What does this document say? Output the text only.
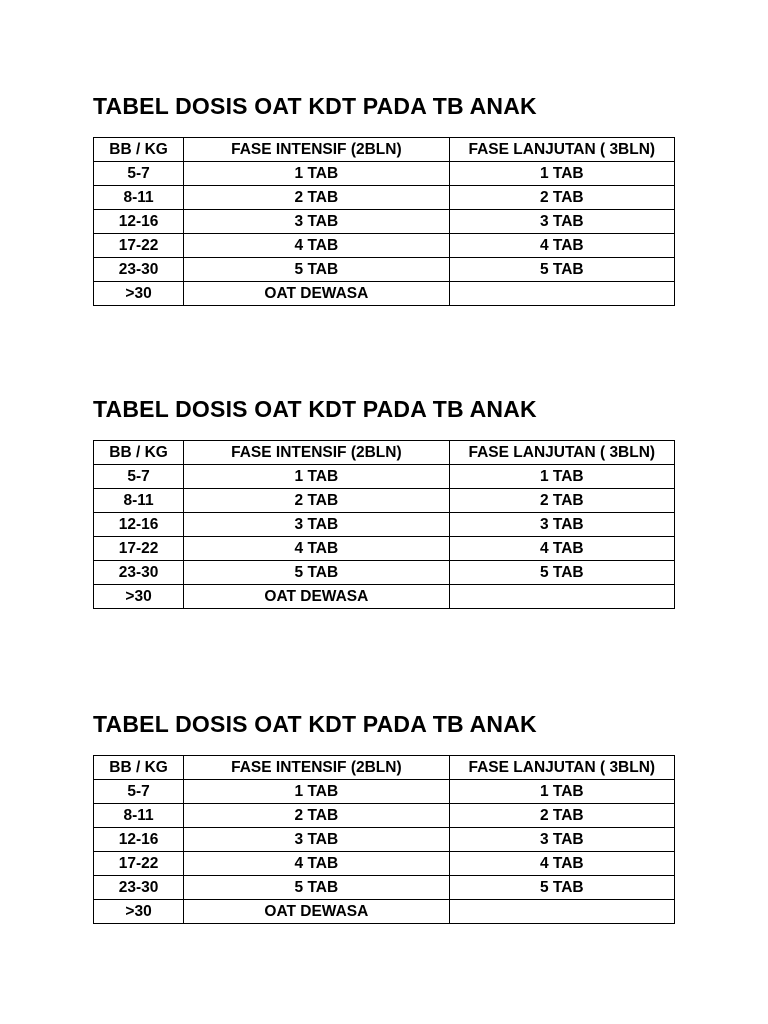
TABEL DOSIS OAT KDT PADA TB ANAK
BB / KG	FASE INTENSIF (2BLN)	FASE LANJUTAN ( 3BLN)
5-7	1 TAB	1 TAB
8-11	2 TAB	2 TAB
12-16	3 TAB	3 TAB
17-22	4 TAB	4 TAB
23-30	5 TAB	5 TAB
>30	OAT DEWASA	
TABEL DOSIS OAT KDT PADA TB ANAK
BB / KG	FASE INTENSIF (2BLN)	FASE LANJUTAN ( 3BLN)
5-7	1 TAB	1 TAB
8-11	2 TAB	2 TAB
12-16	3 TAB	3 TAB
17-22	4 TAB	4 TAB
23-30	5 TAB	5 TAB
>30	OAT DEWASA	
TABEL DOSIS OAT KDT PADA TB ANAK
BB / KG	FASE INTENSIF (2BLN)	FASE LANJUTAN ( 3BLN)
5-7	1 TAB	1 TAB
8-11	2 TAB	2 TAB
12-16	3 TAB	3 TAB
17-22	4 TAB	4 TAB
23-30	5 TAB	5 TAB
>30	OAT DEWASA	
